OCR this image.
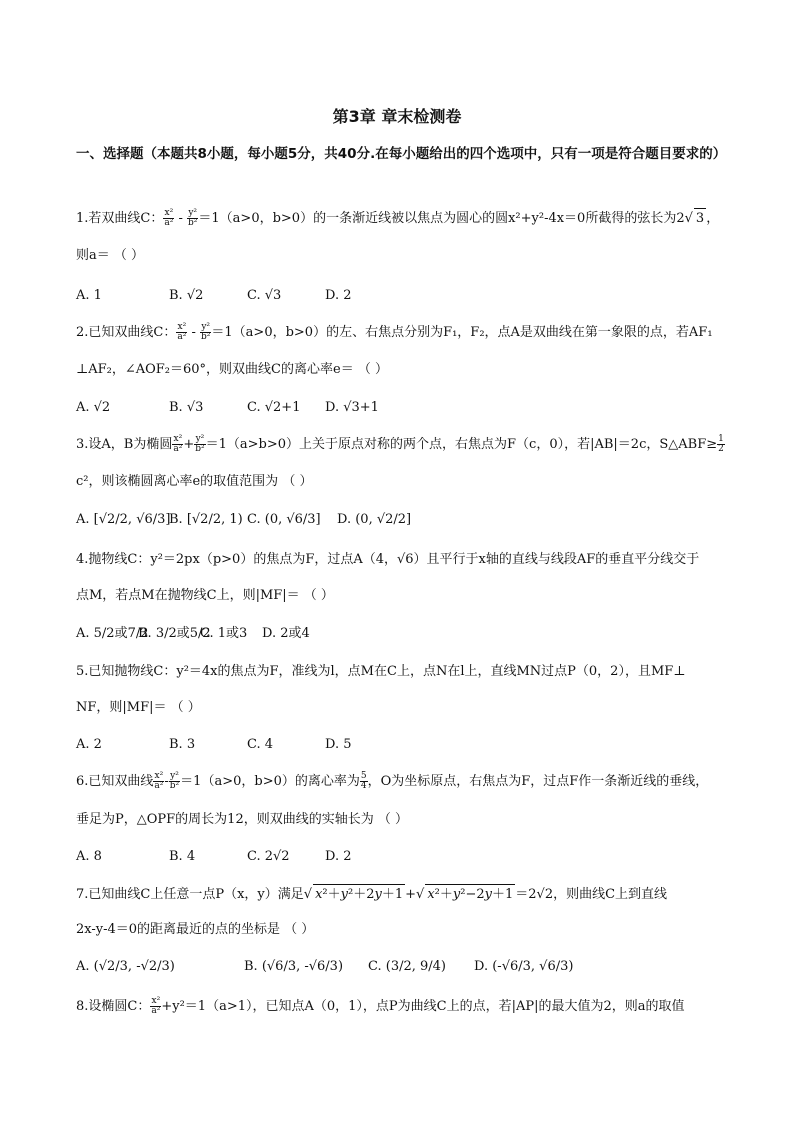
第3章 章末检测卷
一、选择题（本题共8小题，每小题5分，共40分.在每小题给出的四个选项中，只有一项是符合题目要求的）
1.若双曲线C： $\frac{\text{x²}}{\text{a²}} - \frac{\text{y²}}{\text{b²}} =1(a>0$，b>0）的一条渐近线被以焦点为圆心的圆x²+y²-4x＝0所截得的弦长为2√ 3 ，
则a＝ （ ）
A. 1	B. √2	C. √3	D. 2
2.已知双曲线C： $\frac{\text{x²}}{\text{a²}} - \frac{\text{y²}}{\text{b²}} =1(a>0$，b>0）的左、右焦点分别为F₁，F₂，点A是双曲线在第一象限的点，若AF₁
⊥AF₂，∠AOF₂＝60°，则双曲线C的离心率e＝ （ ）
A. √2	B. √3	C. √2+1 D. √3+1
3.设A，B为椭圆 $\frac{\text{x²}}{\text{a²}} + \frac{\text{y²}}{\text{b²}} =1(a>b>0)$上关于原点对称的两个点，右焦点为F（c，0），若|AB|＝2c，S△ABF≥ $\frac{1}{2}$
c²，则该椭圆离心率e的取值范围为 （ ）
A. [√2/2, √6/3]B. [√2/2, 1) C. (0, √6/3] D. (0, √2/2]
4.抛物线C：y²＝2px（p>0）的焦点为F，过点A（4，√6）且平行于x轴的直线与线段AF的垂直平分线交于
点M，若点M在抛物线C上，则|MF|＝ （ ）
A. 5/2或7/2B. 3/2或5/2C. 1或3 D. 2或4
5.已知抛物线C：y²＝4x的焦点为F，准线为l，点M在C上，点N在l上，直线MN过点P（0，2），且MF⊥
NF，则|MF|＝ （ ）
A. 2	B. 3	C. 4	D. 5
6.已知双曲线 $\frac{\text{x²}}{\text{a²}} - \frac{\text{y²}}{\text{b²}} =1(a>0$，b>0）的离心率为 $\frac{5}{4}$ ，O为坐标原点，右焦点为F，过点F作一条渐近线的垂线，
垂足为P，△OPF的周长为12，则双曲线的实轴长为 （ ）
A. 8	B. 4	C. 2√2	D. 2
7.已知曲线C上任意一点P（x，y）满足√ x²＋y²＋2y＋1 +√ x²＋y²−2y＋1 ＝2√2，则曲线C上到直线
2x-y-4＝0的距离最近的点的坐标是 （ ）
A. (√2/3, -√2/3)	B. (√6/3, -√6/3) C. (3/2, 9/4) D. (-√6/3, √6/3)
8.设椭圆C： $\frac{\text{x²}}{\text{a²}} +y^2=1(a>1)$，已知点A（0，1），点P为曲线C上的点，若|AP|的最大值为2，则a的取值
